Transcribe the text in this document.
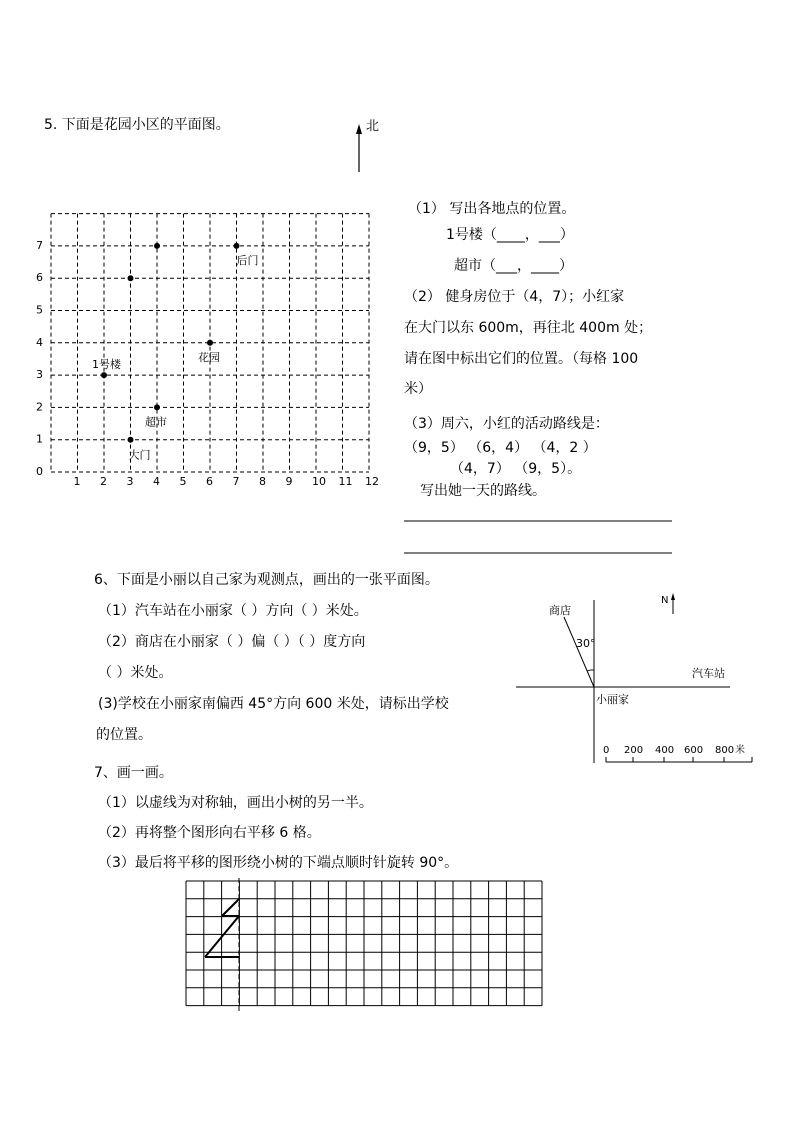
5. 下面是花园小区的平面图。	北
1 2 3 4 5 6 7 8 9 10 11 12
0
1
2
3
4
5
6
7
1号楼
超市
大门
花园
后门
N
商店
30°
汽车站
小丽家
0 200 400 600 800 米
（1） 写出各地点的位置。
1号楼（____，___）
超市（___，____）
（2） 健身房位于（4，7）；小红家
在大门以东 600m，再往北 400m 处；
请在图中标出它们的位置。（每格 100
米）
（3）周六，小红的活动路线是：
（9，5） （6，4） （4，2 ）
（4，7） （9，5）。
写出她一天的路线。
6、下面是小丽以自己家为观测点，画出的一张平面图。
（1）汽车站在小丽家（ ）方向（ ）米处。
（2）商店在小丽家（ ）偏（ ）（ ）度方向
（ ）米处。
(3)学校在小丽家南偏西 45°方向 600 米处，请标出学校
的位置。
7、画一画。
（1）以虚线为对称轴，画出小树的另一半。
（2）再将整个图形向右平移 6 格。
（3）最后将平移的图形绕小树的下端点顺时针旋转 90°。
